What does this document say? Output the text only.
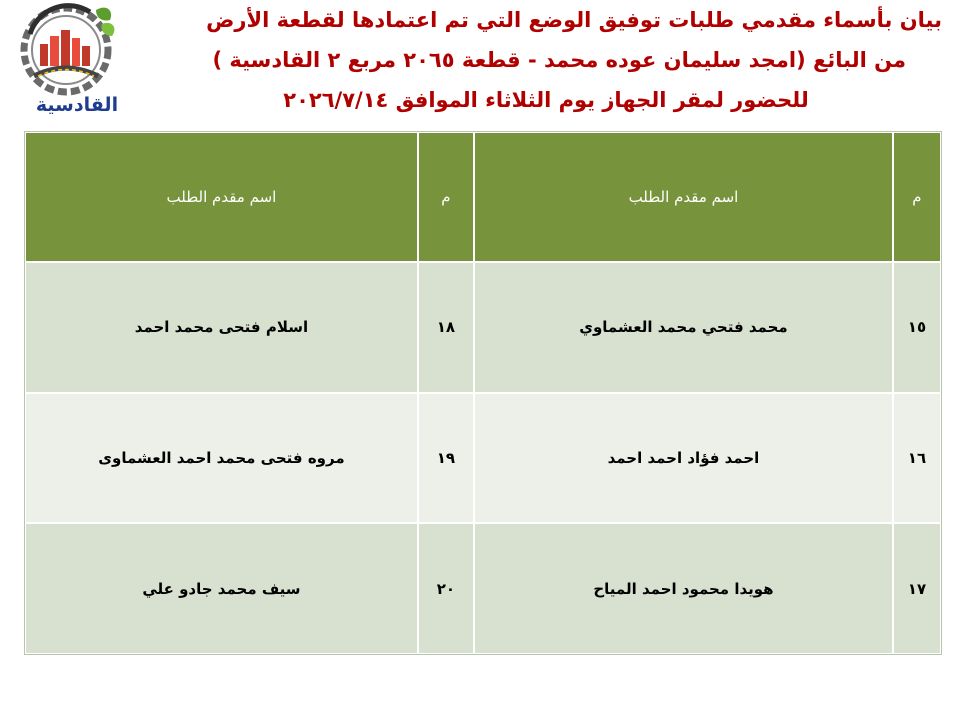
القادسية
بيان بأسماء مقدمي طلبات توفيق الوضع التي تم اعتمادها لقطعة الأرض
من البائع (امجد سليمان عوده محمد - قطعة ٢٠٦٥ مربع ٢ القادسية )
للحضور لمقر الجهاز يوم الثلاثاء الموافق ٢٠٢٦/٧/١٤
م	اسم مقدم الطلب	م	اسم مقدم الطلب
١٥	محمد فتحي محمد العشماوي	١٨	اسلام فتحى محمد احمد
١٦	احمد فؤاد احمد احمد	١٩	مروه فتحى محمد احمد العشماوى
١٧	هويدا محمود احمد المياح	٢٠	سيف محمد جادو علي
